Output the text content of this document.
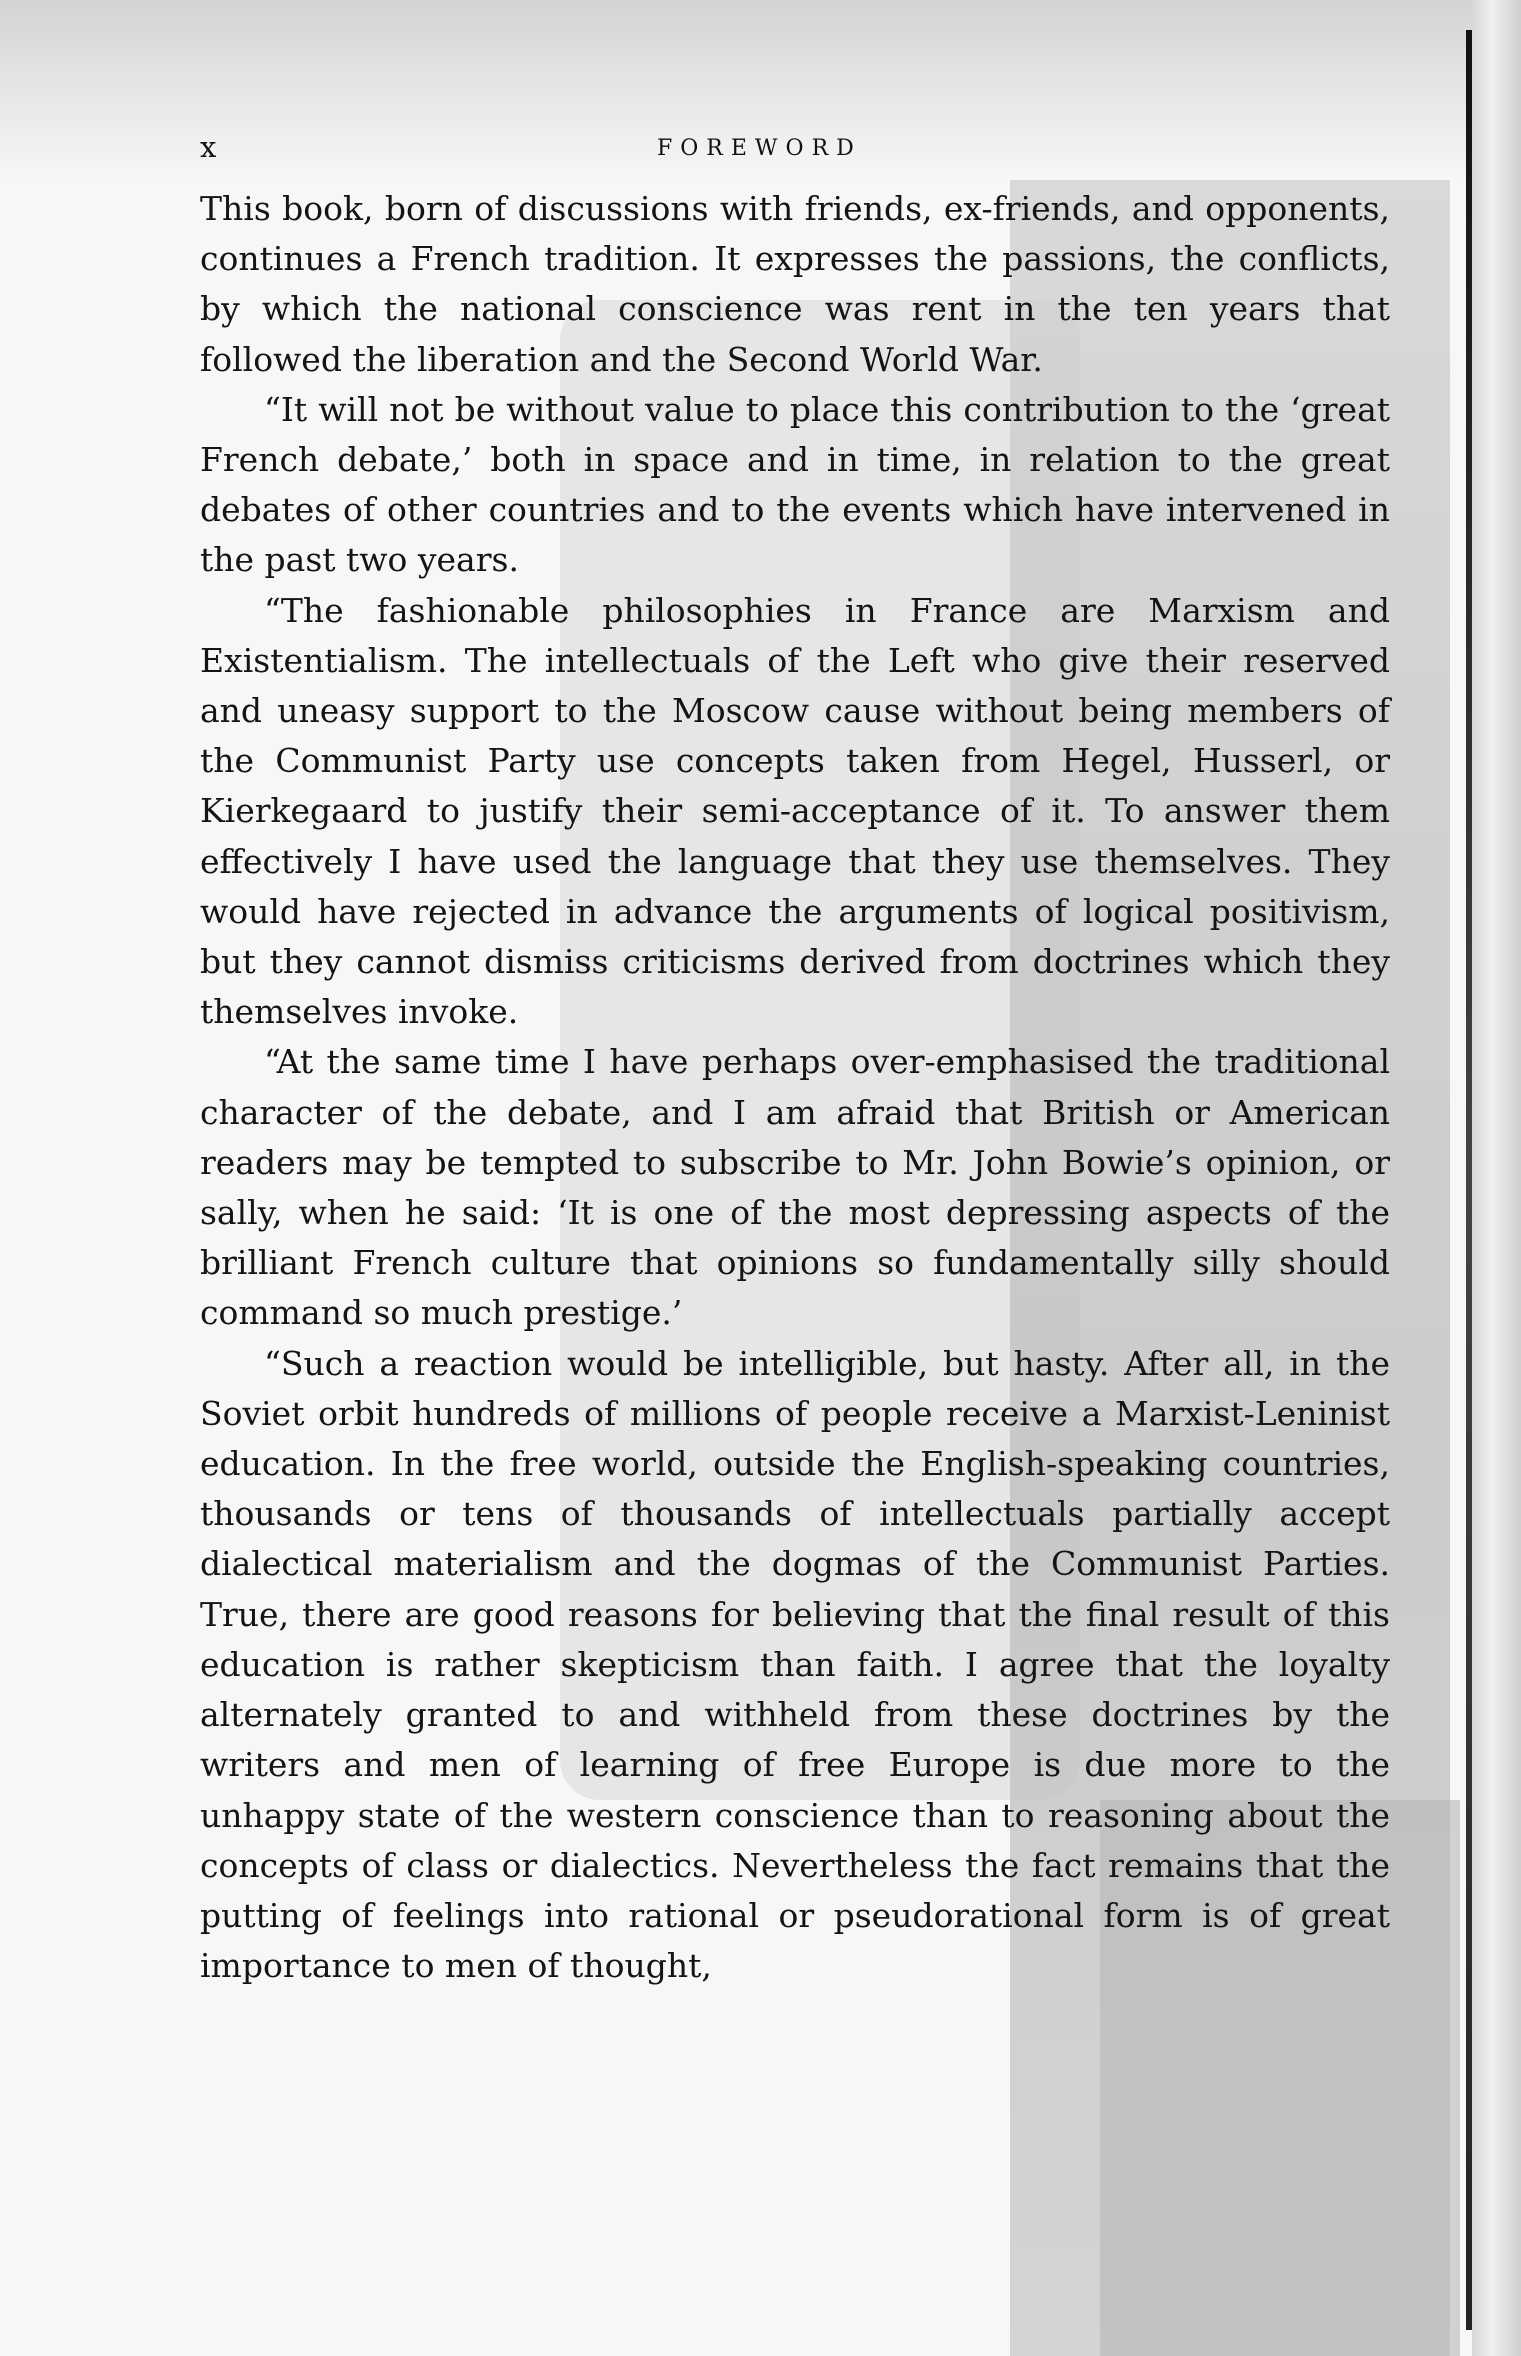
x	FOREWORD

This book, born of discussions with friends, ex-friends, and opponents, continues a French tradition. It expresses the passions, the conflicts, by which the national conscience was rent in the ten years that followed the liberation and the Second World War.

“It will not be without value to place this contribution to the ‘great French debate,’ both in space and in time, in relation to the great debates of other countries and to the events which have intervened in the past two years.

“The fashionable philosophies in France are Marxism and Existentialism. The intellectuals of the Left who give their reserved and uneasy support to the Moscow cause without being members of the Communist Party use concepts taken from Hegel, Husserl, or Kierkegaard to justify their semi-acceptance of it. To answer them effectively I have used the language that they use themselves. They would have rejected in advance the arguments of logical positivism, but they cannot dismiss criticisms derived from doctrines which they themselves invoke.

“At the same time I have perhaps over-emphasised the traditional character of the debate, and I am afraid that British or American readers may be tempted to subscribe to Mr. John Bowie’s opinion, or sally, when he said: ‘It is one of the most depressing aspects of the brilliant French culture that opinions so fundamentally silly should command so much prestige.’

“Such a reaction would be intelligible, but hasty. After all, in the Soviet orbit hundreds of millions of people receive a Marxist-Leninist education. In the free world, outside the English-speaking countries, thousands or tens of thousands of intellectuals partially accept dialectical materialism and the dogmas of the Communist Parties. True, there are good reasons for believing that the final result of this education is rather skepticism than faith. I agree that the loyalty alternately granted to and withheld from these doctrines by the writers and men of learning of free Europe is due more to the unhappy state of the western conscience than to reasoning about the concepts of class or dialectics. Nevertheless the fact remains that the putting of feelings into rational or pseudorational form is of great importance to men of thought,
